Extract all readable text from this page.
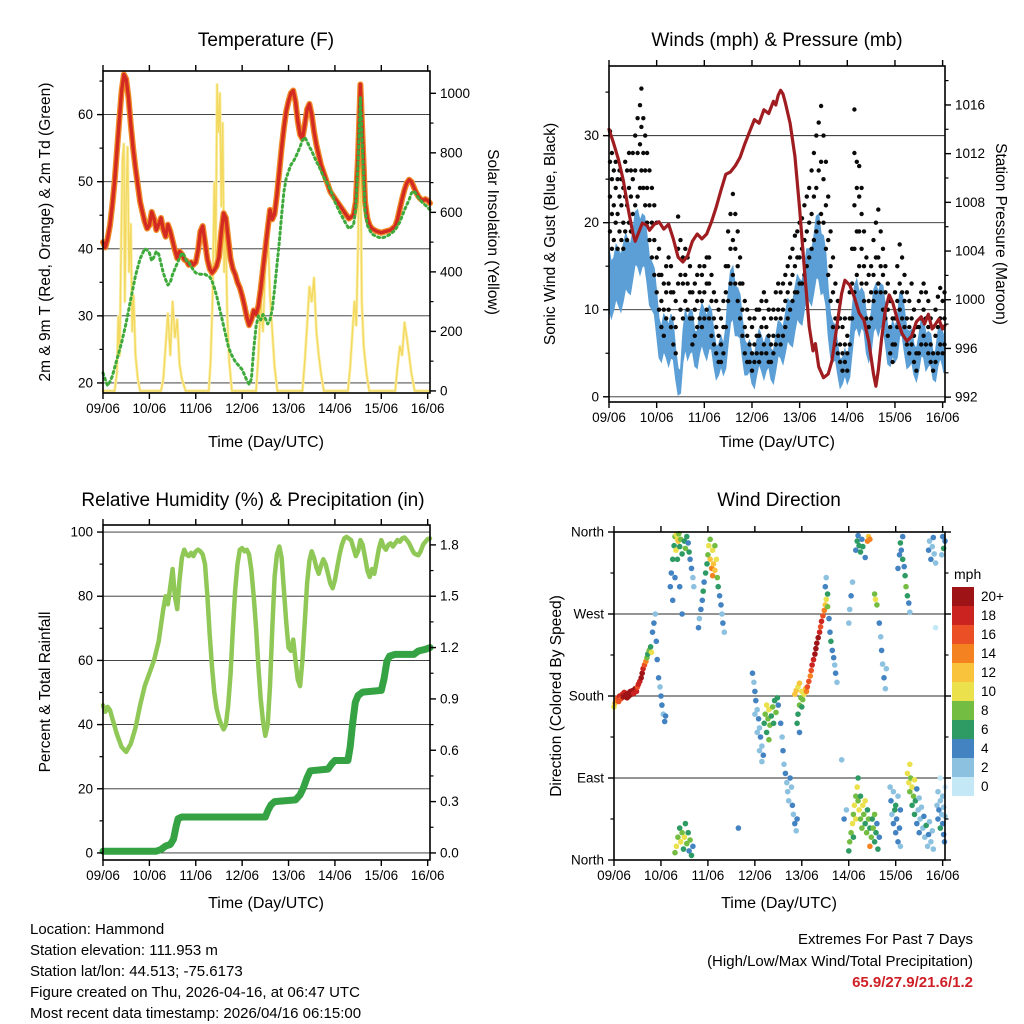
Temperature (F)	Winds (mph) & Pressure (mb)
Relative Humidity (%) & Precipitation (in)	Wind Direction
2m & 9m T (Red, Orange) & 2m Td (Green)	Solar Insolation (Yellow)	Sonic Wind & Gust (Blue, Black)	Station Pressure (Maroon)
Percent & Total Rainfall	Direction (Colored By Speed)
Time (Day/UTC)	Time (Day/UTC)
Time (Day/UTC)	Time (Day/UTC)
09/06 10/06 11/06 12/06 13/06 14/06 15/06 16/06
20
30
40
50
60
0
200
400
600
800
1000
09/06 10/06 11/06 12/06 13/06 14/06 15/06 16/06
0
10
20
30
992
996
1000
1004
1008
1012
1016
09/06 10/06 11/06 12/06 13/06 14/06 15/06 16/06
0
20
40
60
80
100
0.0
0.3
0.6
0.9
1.2
1.5
1.8
09/06 10/06 11/06 12/06 13/06 14/06 15/06 16/06
North
West
South
East
North
mph
20+
18
16
14
12
10
8
6
4
2
0
Location: Hammond
Station elevation: 111.953 m
Station lat/lon: 44.513; -75.6173
Figure created on Thu, 2026-04-16, at 06:47 UTC
Most recent data timestamp: 2026/04/16 06:15:00
Extremes For Past 7 Days
(High/Low/Max Wind/Total Precipitation)
65.9/27.9/21.6/1.2
